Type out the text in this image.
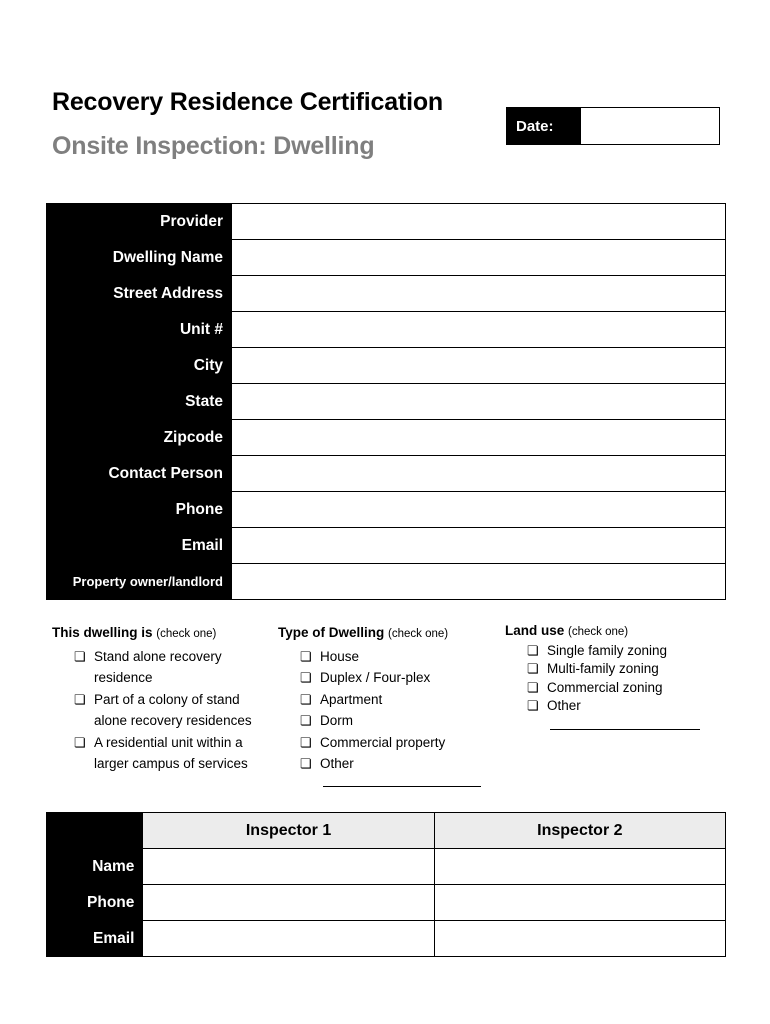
Recovery Residence Certification
Onsite Inspection: Dwelling
Date:
Provider	
Dwelling Name	
Street Address	
Unit #	
City	
State	
Zipcode	
Contact Person	
Phone	
Email	
Property owner/landlord	
This dwelling is (check one)
❏ Stand alone recovery residence
❏ Part of a colony of stand alone recovery residences
❏ A residential unit within a larger campus of services
Type of Dwelling (check one)
❏ House
❏ Duplex / Four-plex
❏ Apartment
❏ Dorm
❏ Commercial property
❏ Other
Land use (check one)
❏ Single family zoning
❏ Multi-family zoning
❏ Commercial zoning
❏ Other
	Inspector 1	Inspector 2
Name		
Phone		
Email		
